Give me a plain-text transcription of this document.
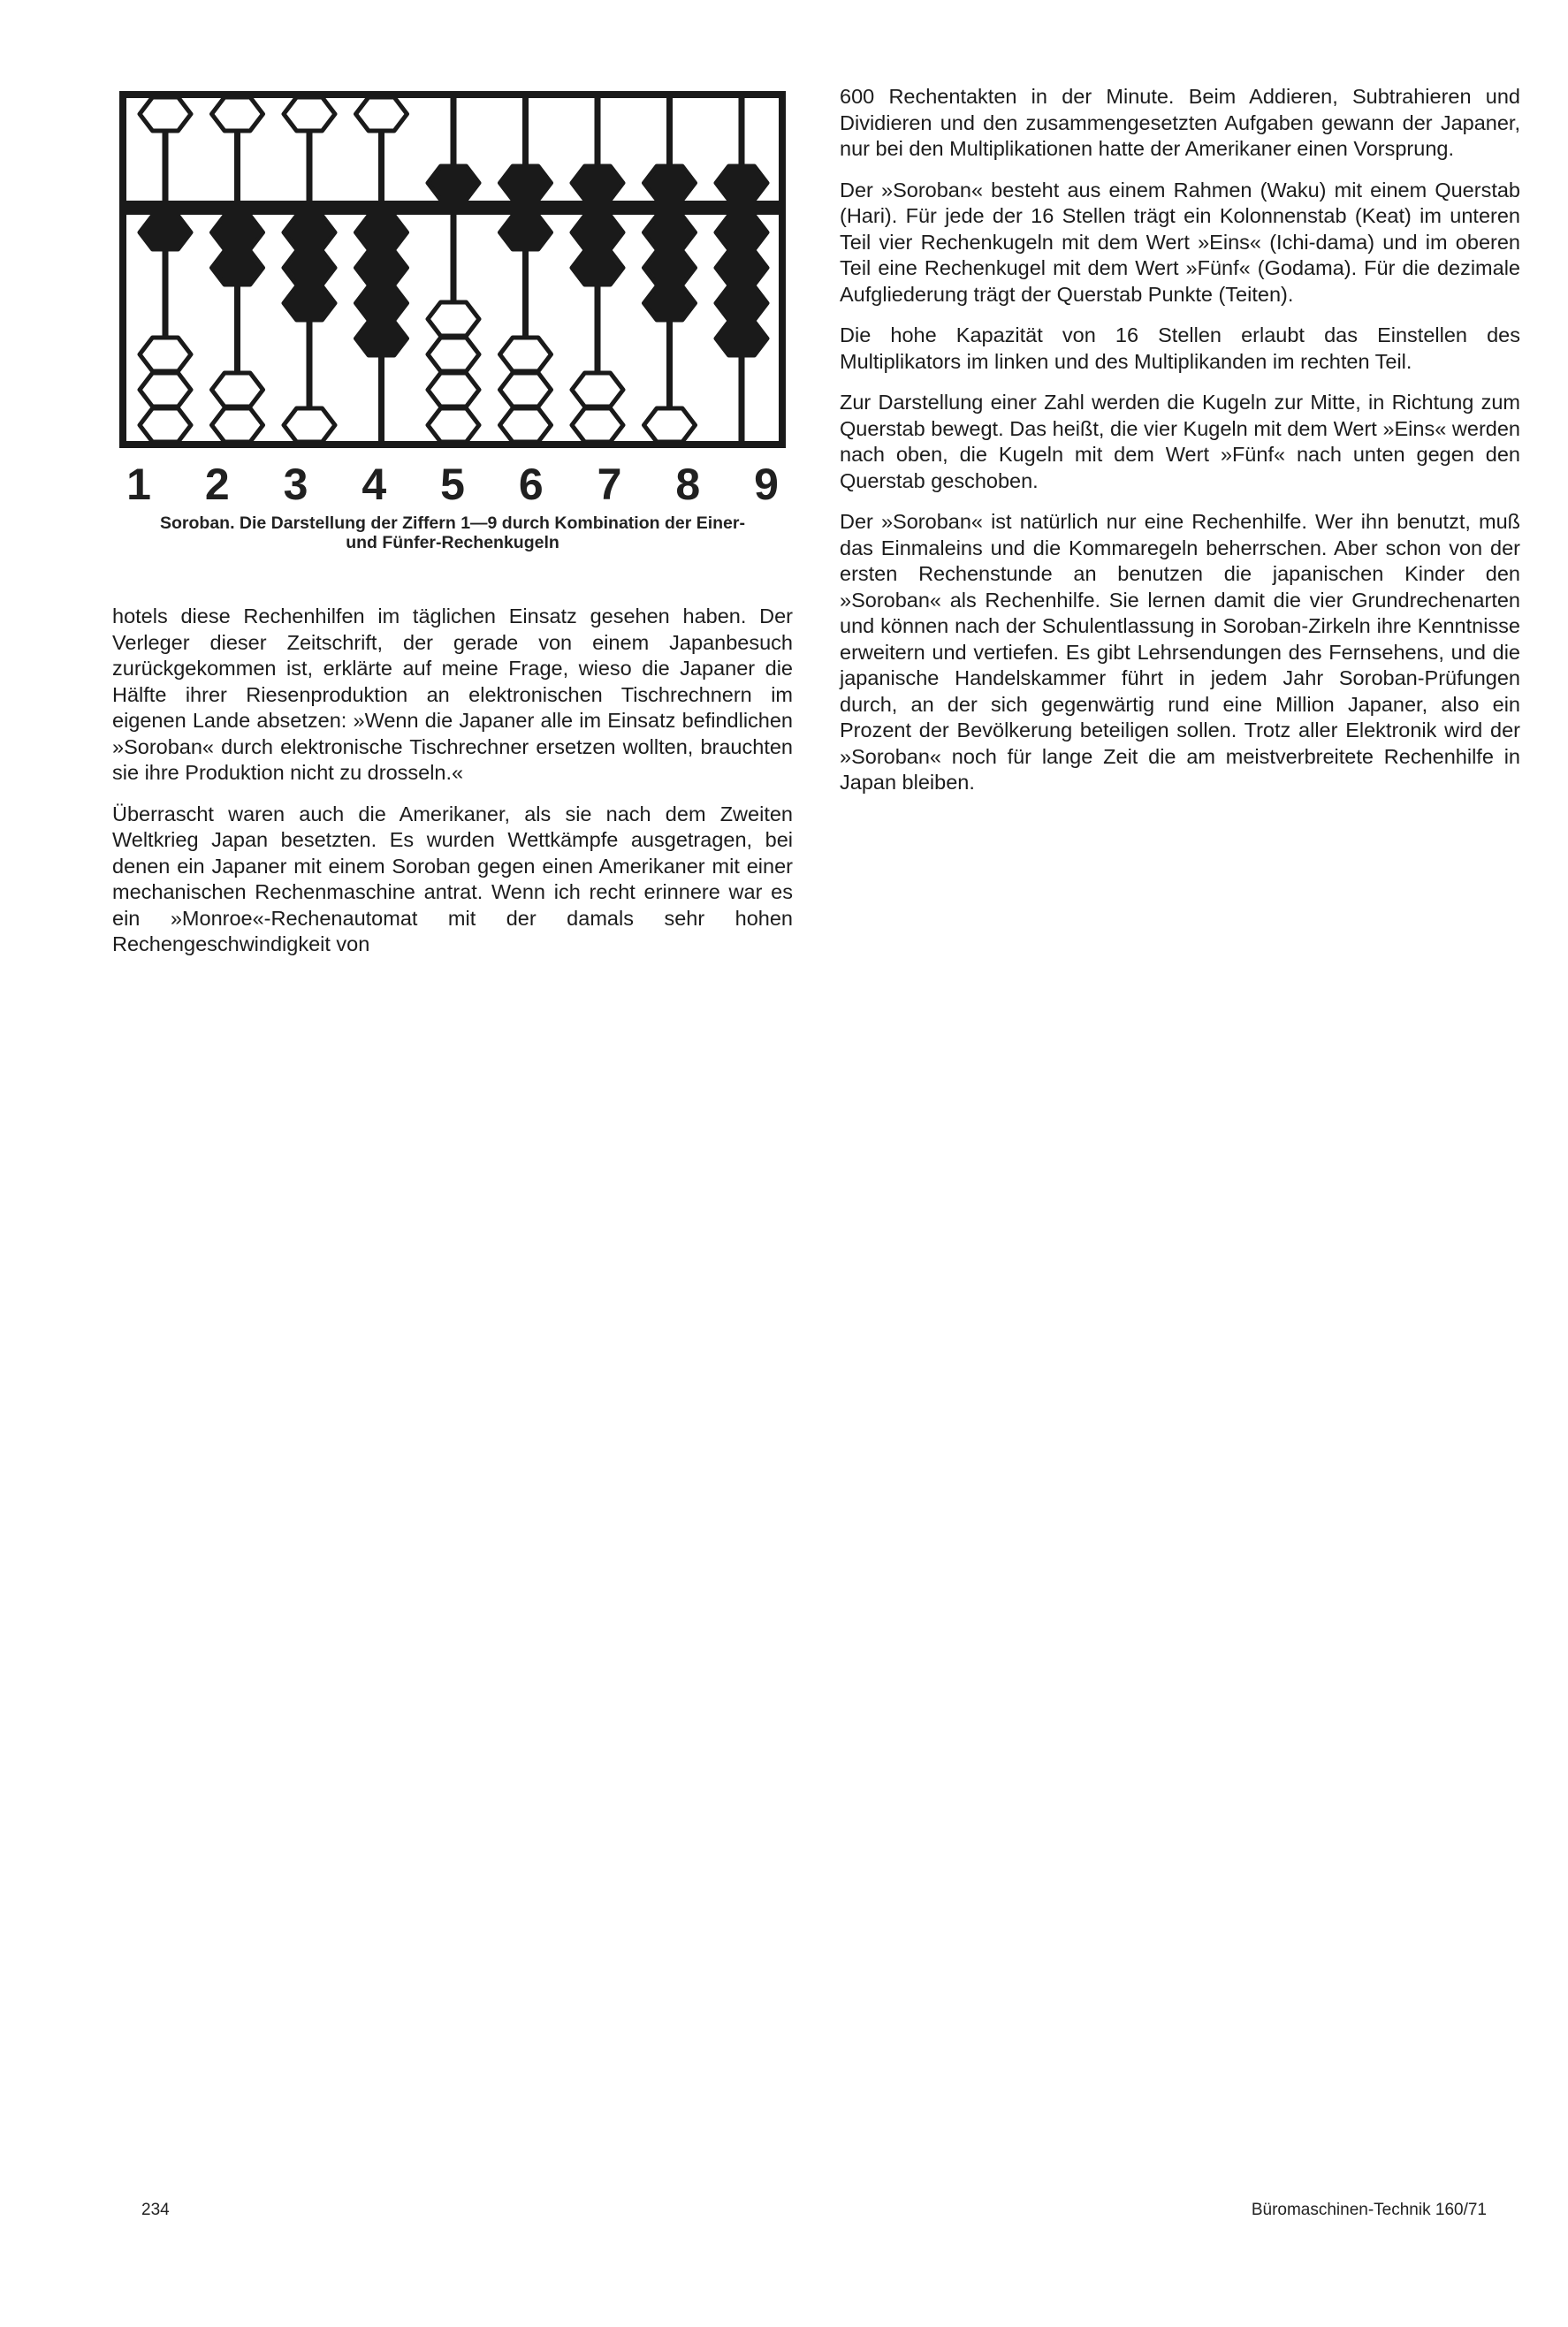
1	2	3	4	5	6	7	8	9

Soroban. Die Darstellung der Ziffern 1—9 durch Kombination der Einer-
und Fünfer-Rechenkugeln

hotels diese Rechenhilfen im täglichen Einsatz gesehen haben. Der Verleger dieser Zeitschrift, der gerade von einem Japanbesuch zurückgekommen ist, erklärte auf meine Frage, wieso die Japaner die Hälfte ihrer Riesenproduktion an elektronischen Tischrechnern im eigenen Lande absetzen: »Wenn die Japaner alle im Einsatz befindlichen »Soroban« durch elektronische Tischrechner ersetzen wollten, brauchten sie ihre Produktion nicht zu drosseln.«

Überrascht waren auch die Amerikaner, als sie nach dem Zweiten Weltkrieg Japan besetzten. Es wurden Wettkämpfe ausgetragen, bei denen ein Japaner mit einem Soroban gegen einen Amerikaner mit einer mechanischen Rechenmaschine antrat. Wenn ich recht erinnere war es ein »Monroe«-Rechenautomat mit der damals sehr hohen Rechengeschwindigkeit von

600 Rechentakten in der Minute. Beim Addieren, Subtrahieren und Dividieren und den zusammengesetzten Aufgaben gewann der Japaner, nur bei den Multiplikationen hatte der Amerikaner einen Vorsprung.

Der »Soroban« besteht aus einem Rahmen (Waku) mit einem Querstab (Hari). Für jede der 16 Stellen trägt ein Kolonnenstab (Keat) im unteren Teil vier Rechenkugeln mit dem Wert »Eins« (Ichi-dama) und im oberen Teil eine Rechenkugel mit dem Wert »Fünf« (Godama). Für die dezimale Aufgliederung trägt der Querstab Punkte (Teiten).

Die hohe Kapazität von 16 Stellen erlaubt das Einstellen des Multiplikators im linken und des Multiplikanden im rechten Teil.

Zur Darstellung einer Zahl werden die Kugeln zur Mitte, in Richtung zum Querstab bewegt. Das heißt, die vier Kugeln mit dem Wert »Eins« werden nach oben, die Kugeln mit dem Wert »Fünf« nach unten gegen den Querstab geschoben.

Der »Soroban« ist natürlich nur eine Rechenhilfe. Wer ihn benutzt, muß das Einmaleins und die Kommaregeln beherrschen. Aber schon von der ersten Rechenstunde an benutzen die japanischen Kinder den »Soroban« als Rechenhilfe. Sie lernen damit die vier Grundrechenarten und können nach der Schulentlassung in Soroban-Zirkeln ihre Kenntnisse erweitern und vertiefen. Es gibt Lehrsendungen des Fernsehens, und die japanische Handelskammer führt in jedem Jahr Soroban-Prüfungen durch, an der sich gegenwärtig rund eine Million Japaner, also ein Prozent der Bevölkerung beteiligen sollen. Trotz aller Elektronik wird der »Soroban« noch für lange Zeit die am meistverbreitete Rechenhilfe in Japan bleiben.

234	Büromaschinen-Technik 160/71
